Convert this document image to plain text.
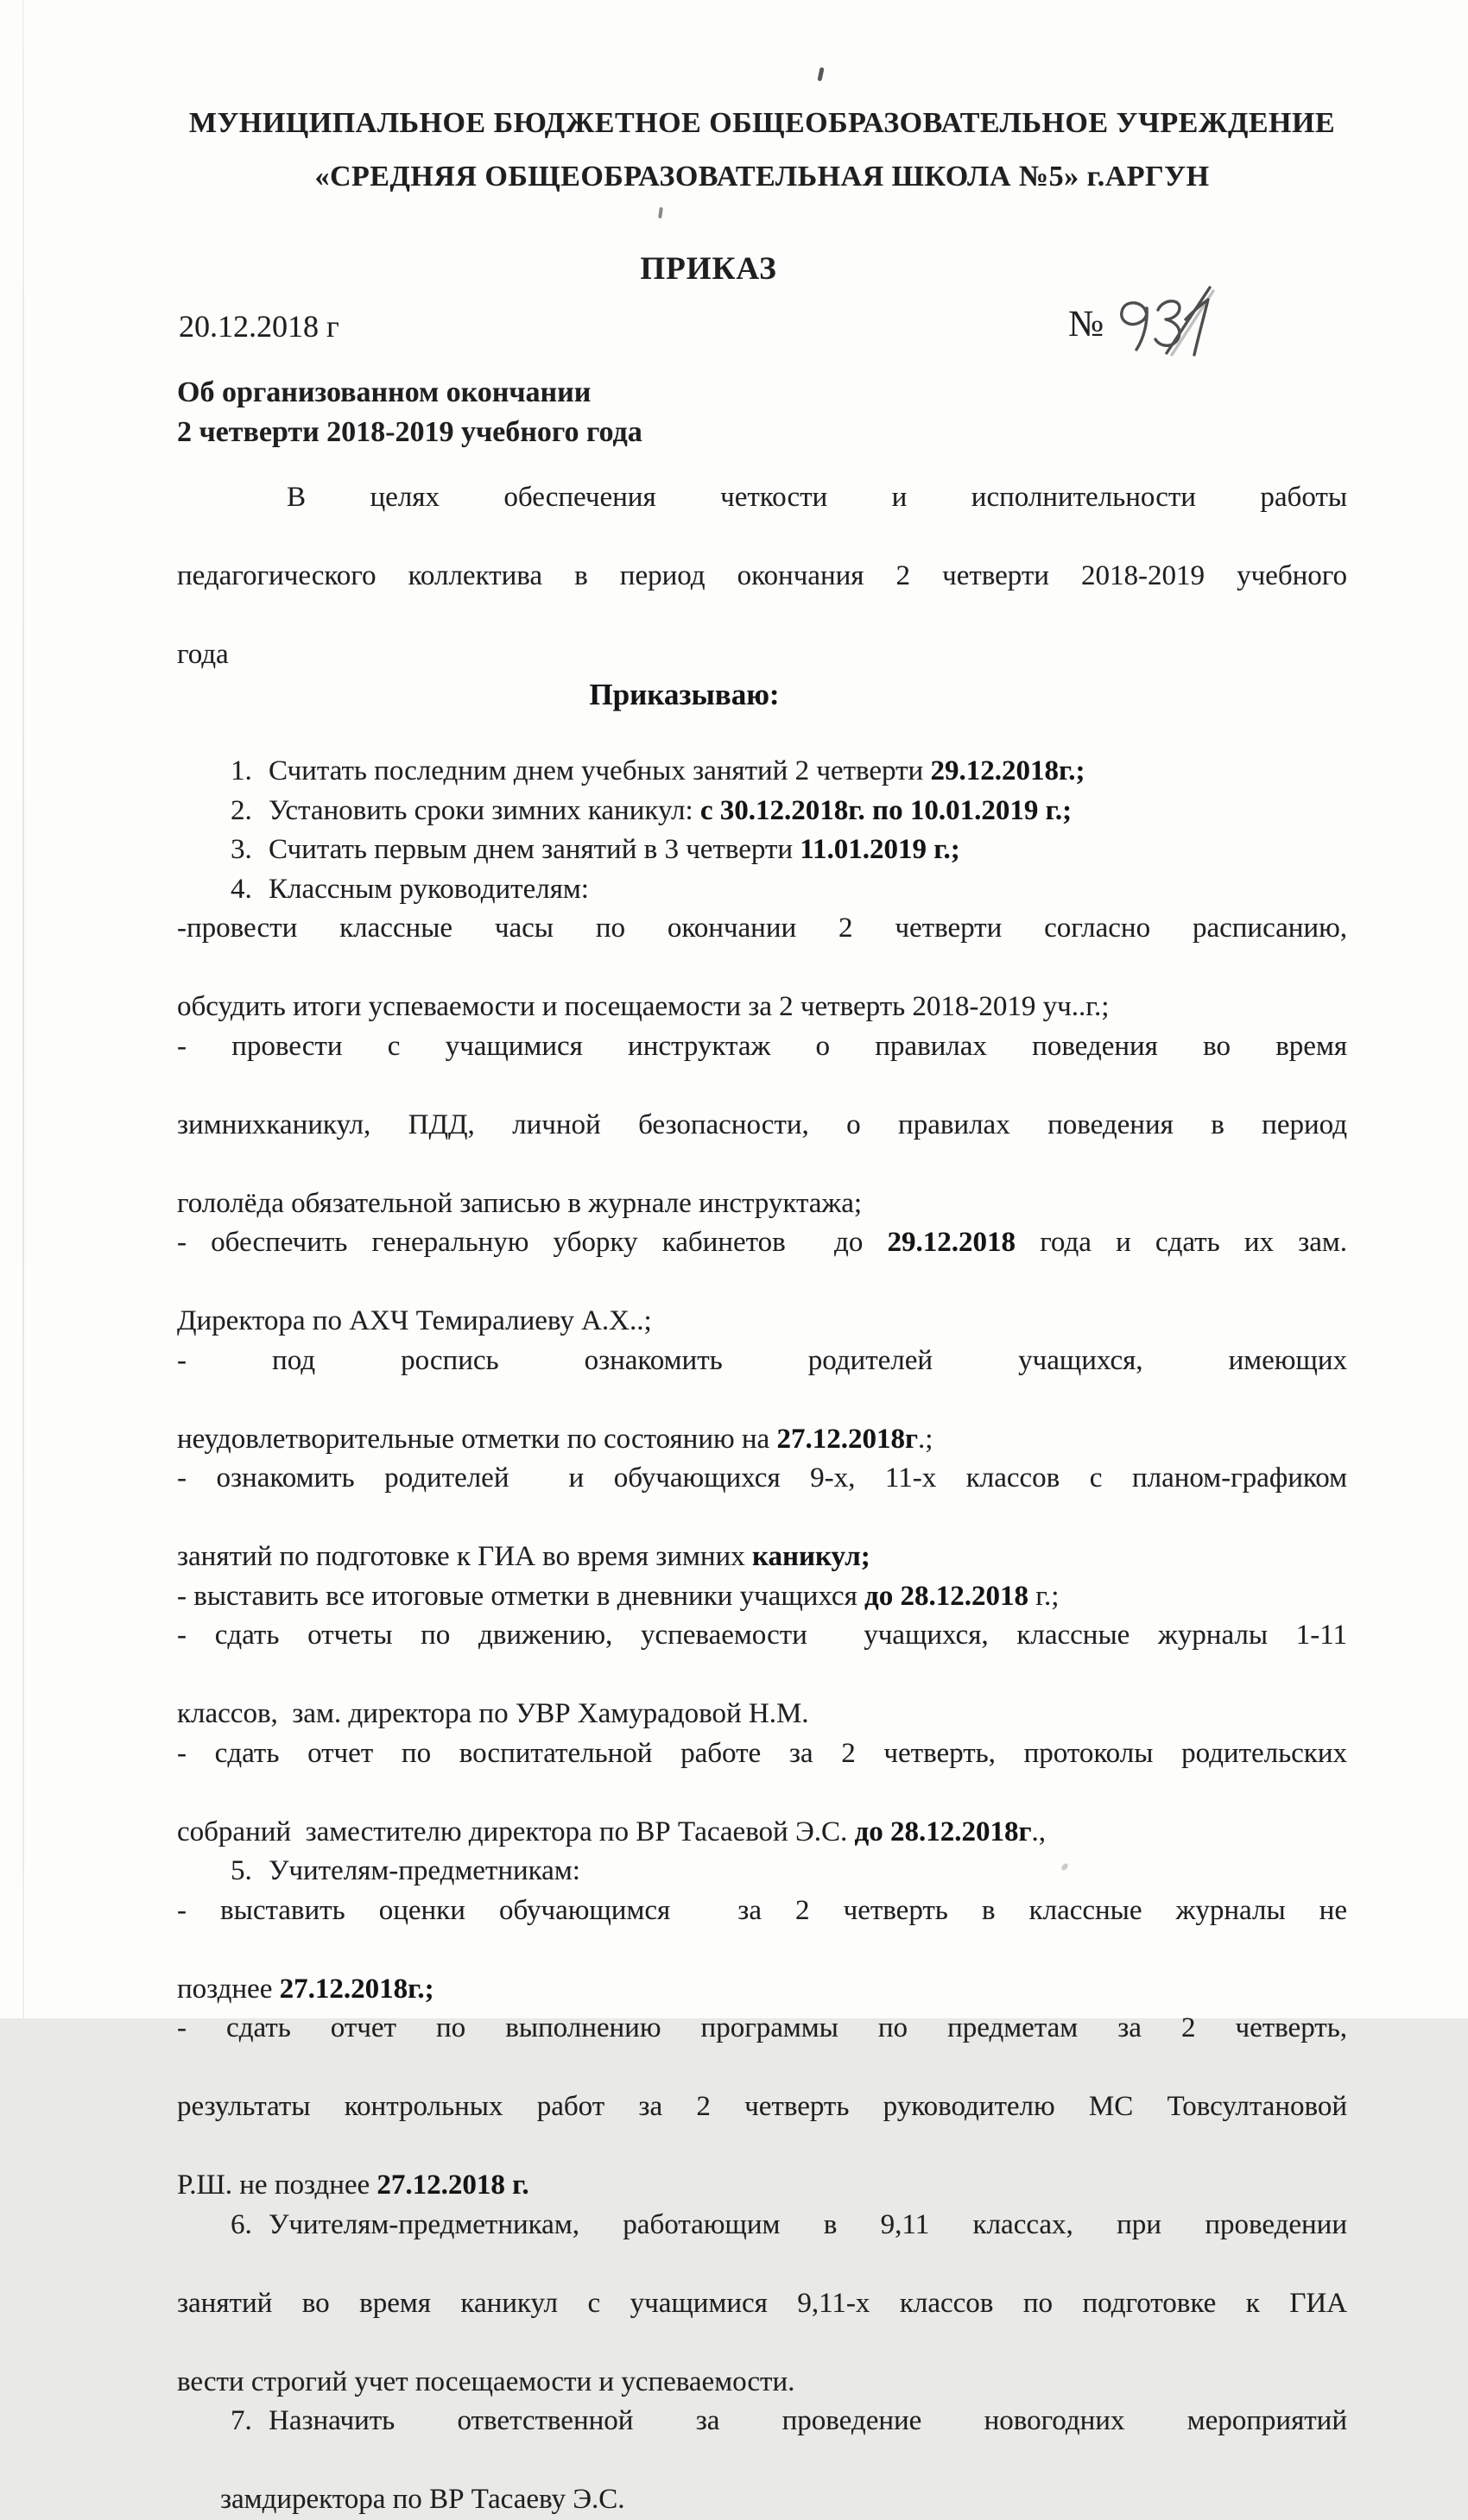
МУНИЦИПАЛЬНОЕ БЮДЖЕТНОЕ ОБЩЕОБРАЗОВАТЕЛЬНОЕ УЧРЕЖДЕНИЕ
«СРЕДНЯЯ ОБЩЕОБРАЗОВАТЕЛЬНАЯ ШКОЛА №5» г.АРГУН
ПРИКАЗ
20.12.2018 г	№
Об организованном окончании
2 четверти 2018-2019 учебного года
В целях обеспечения четкости и исполнительности работы
педагогического коллектива в период окончания 2 четверти 2018-2019 учебного
года
Приказываю:
1. Считать последним днем учебных занятий 2 четверти 29.12.2018г.;
2. Установить сроки зимних каникул: с 30.12.2018г. по 10.01.2019 г.;
3. Считать первым днем занятий в 3 четверти 11.01.2019 г.;
4. Классным руководителям:
-провести классные часы по окончании 2 четверти согласно расписанию,
обсудить итоги успеваемости и посещаемости за 2 четверть 2018-2019 уч..г.;
- провести с учащимися инструктаж о правилах поведения во время
зимнихканикул, ПДД, личной безопасности, о правилах поведения в период
гололёда обязательной записью в журнале инструктажа;
- обеспечить генеральную уборку кабинетов  до 29.12.2018 года и сдать их зам.
Директора по АХЧ Темиралиеву А.Х..;
- под роспись ознакомить родителей учащихся, имеющих
неудовлетворительные отметки по состоянию на 27.12.2018г.;
- ознакомить родителей  и обучающихся 9-х, 11-х классов с планом-графиком
занятий по подготовке к ГИА во время зимних каникул;
- выставить все итоговые отметки в дневники учащихся до 28.12.2018 г.;
- сдать отчеты по движению, успеваемости  учащихся, классные журналы 1-11
классов,  зам. директора по УВР Хамурадовой Н.М.
- сдать отчет по воспитательной работе за 2 четверть, протоколы родительских
собраний  заместителю директора по ВР Тасаевой Э.С. до 28.12.2018г.,
5. Учителям-предметникам:
- выставить оценки обучающимся  за 2 четверть в классные журналы не
позднее 27.12.2018г.;
- сдать отчет по выполнению программы по предметам за 2 четверть,
результаты контрольных работ за 2 четверть руководителю МС Товсултановой
Р.Ш. не позднее 27.12.2018 г.
6. Учителям-предметникам, работающим в 9,11 классах, при проведении
занятий во время каникул с учащимися 9,11-х классов по подготовке к ГИА
вести строгий учет посещаемости и успеваемости.
7. Назначить ответственной за проведение новогодних мероприятий
замдиректора по ВР Тасаеву Э.С.
